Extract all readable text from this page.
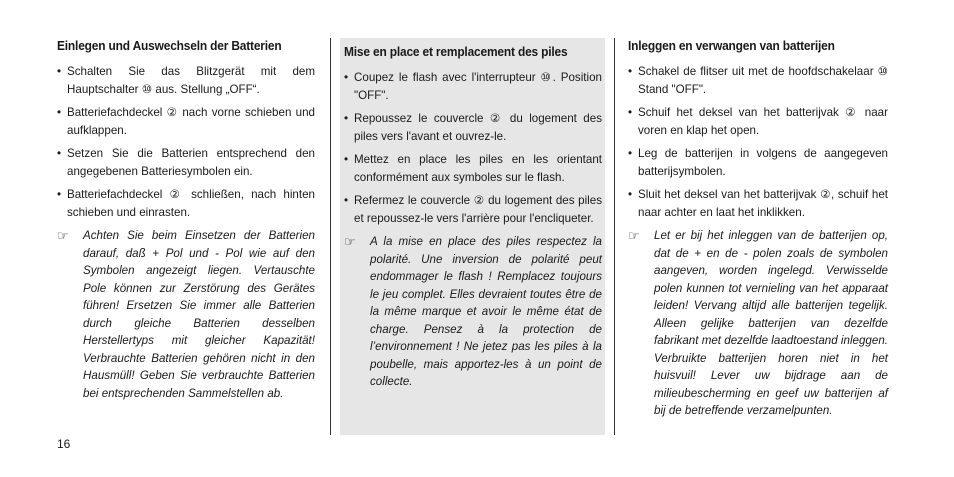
Einlegen und Auswechseln der Batterien
• Schalten Sie das Blitzgerät mit dem Hauptschalter ⑩ aus. Stellung „OFF“.
• Batteriefachdeckel ② nach vorne schieben und aufklappen.
• Setzen Sie die Batterien entsprechend den angegebenen Batteriesymbolen ein.
• Batteriefachdeckel ② schließen, nach hinten schieben und einrasten.
☞ Achten Sie beim Einsetzen der Batterien darauf, daß + Pol und - Pol wie auf den Symbolen angezeigt liegen. Vertauschte Pole können zur Zerstörung des Gerätes führen! Ersetzen Sie immer alle Batterien durch gleiche Batterien desselben Herstellertyps mit gleicher Kapazität! Verbrauchte Batterien gehören nicht in den Hausmüll! Geben Sie verbrauchte Batterien bei entsprechenden Sammelstellen ab.
Mise en place et remplacement des piles
• Coupez le flash avec l'interrupteur ⑩. Position "OFF".
• Repoussez le couvercle ② du logement des piles vers l'avant et ouvrez-le.
• Mettez en place les piles en les orientant conformément aux symboles sur le flash.
• Refermez le couvercle ② du logement des piles et repoussez-le vers l'arrière pour l'encliqueter.
☞ A la mise en place des piles respectez la polarité. Une inversion de polarité peut endommager le flash ! Remplacez toujours le jeu complet. Elles devraient toutes être de la même marque et avoir le même état de charge. Pensez à la protection de l’environnement ! Ne jetez pas les piles à la poubelle, mais apportez-les à un point de collecte.
Inleggen en verwangen van batterijen
• Schakel de flitser uit met de hoofdschakelaar ⑩ Stand "OFF".
• Schuif het deksel van het batterijvak ② naar voren en klap het open.
• Leg de batterijen in volgens de aangegeven batterijsymbolen.
• Sluit het deksel van het batterijvak ②, schuif het naar achter en laat het inklikken.
☞ Let er bij het inleggen van de batterijen op, dat de + en de - polen zoals de symbolen aangeven, worden ingelegd. Verwisselde polen kunnen tot vernieling van het apparaat leiden! Vervang altijd alle batterijen tegelijk. Alleen gelijke batterijen van dezelfde fabrikant met dezelfde laadtoestand inleggen. Verbruikte batterijen horen niet in het huisvuil! Lever uw bijdrage aan de milieubescherming en geef uw batterijen af bij de betreffende verzamelpunten.
16
